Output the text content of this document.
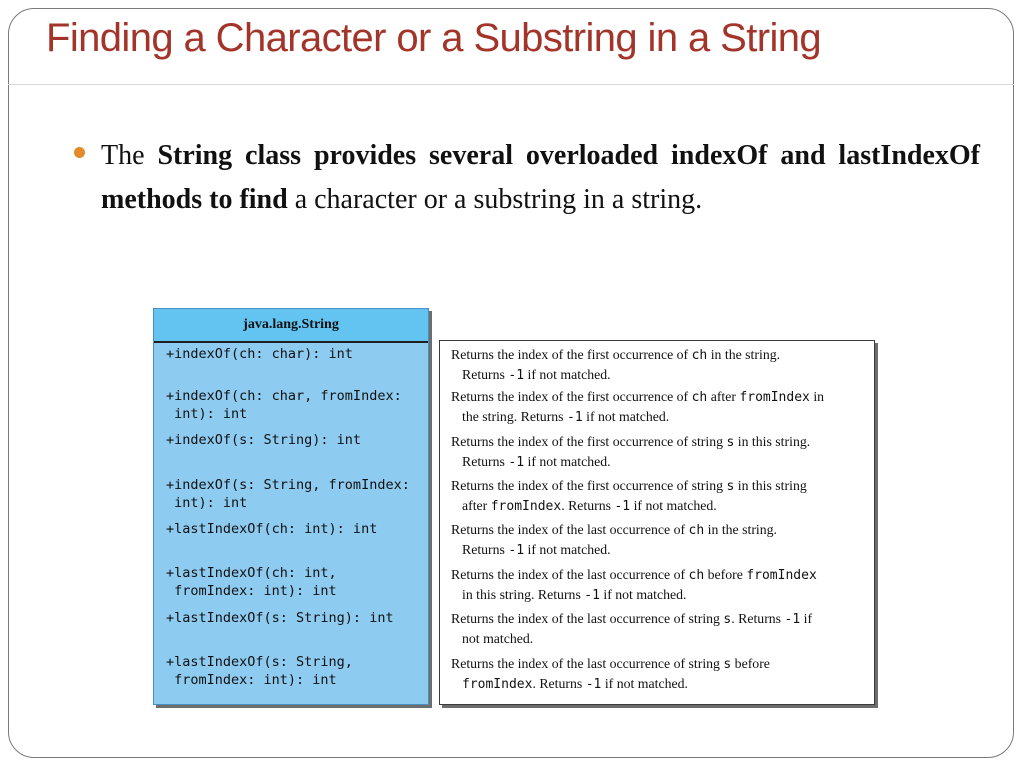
Finding a Character or a Substring in a String

The String class provides several overloaded indexOf and lastIndexOf methods to find a character or a substring in a string.

java.lang.String
+indexOf(ch: char): int
+indexOf(ch: char, fromIndex:
int): int
+indexOf(s: String): int
+indexOf(s: String, fromIndex:
int): int
+lastIndexOf(ch: int): int
+lastIndexOf(ch: int,
fromIndex: int): int
+lastIndexOf(s: String): int
+lastIndexOf(s: String,
fromIndex: int): int
Returns the index of the first occurrence of ch in the string.
Returns -1 if not matched.
Returns the index of the first occurrence of ch after fromIndex in
the string. Returns -1 if not matched.
Returns the index of the first occurrence of string s in this string.
Returns -1 if not matched.
Returns the index of the first occurrence of string s in this string
after fromIndex. Returns -1 if not matched.
Returns the index of the last occurrence of ch in the string.
Returns -1 if not matched.
Returns the index of the last occurrence of ch before fromIndex
in this string. Returns -1 if not matched.
Returns the index of the last occurrence of string s. Returns -1 if
not matched.
Returns the index of the last occurrence of string s before
fromIndex. Returns -1 if not matched.
